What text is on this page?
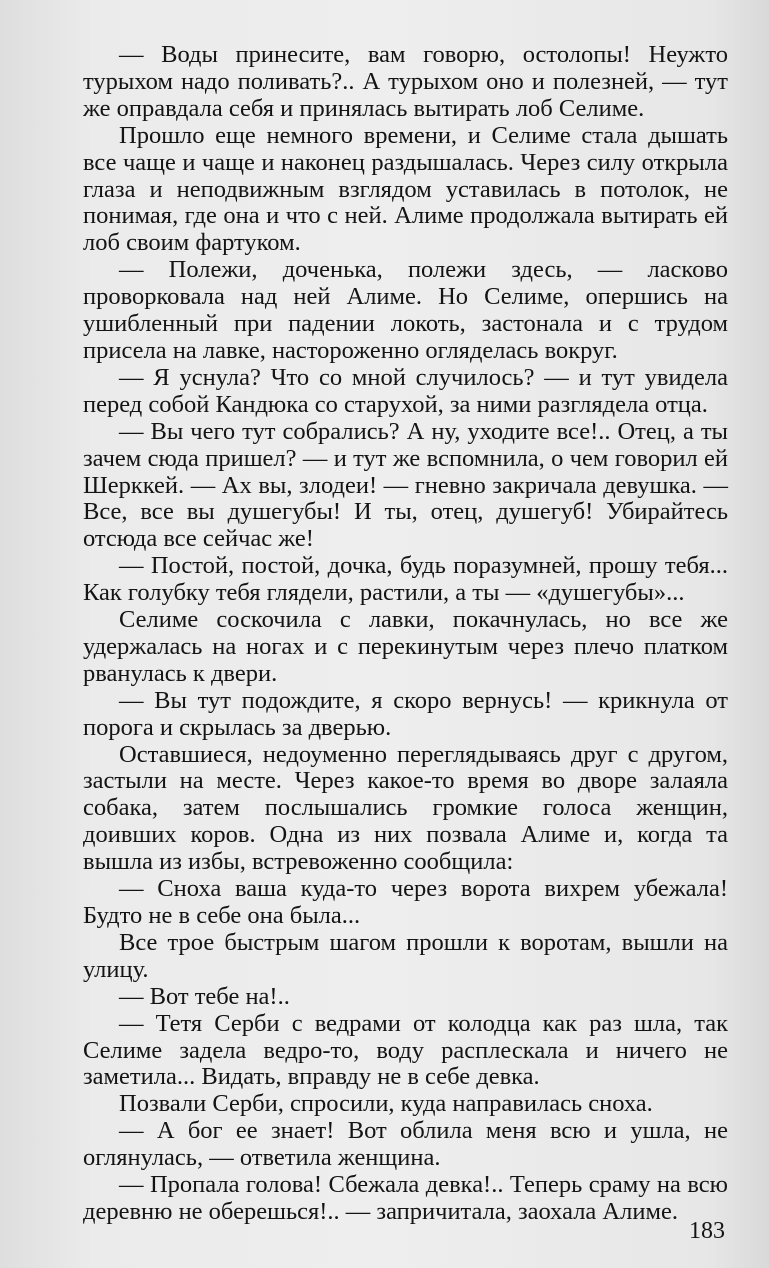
— Воды принесите, вам говорю, остолопы! Неужто турыхом надо поливать?.. А турыхом оно и полезней, — тут же оправдала себя и принялась вытирать лоб Селиме.

Прошло еще немного времени, и Селиме стала дышать все чаще и чаще и наконец раздышалась. Через силу открыла глаза и неподвижным взглядом уставилась в потолок, не понимая, где она и что с ней. Алиме продолжала вытирать ей лоб своим фартуком.

— Полежи, доченька, полежи здесь, — ласково проворковала над ней Алиме. Но Селиме, опершись на ушибленный при падении локоть, застонала и с трудом присела на лавке, настороженно огляделась вокруг.

— Я уснула? Что со мной случилось? — и тут увидела перед собой Кандюка со старухой, за ними разглядела отца.

— Вы чего тут собрались? А ну, уходите все!.. Отец, а ты зачем сюда пришел? — и тут же вспомнила, о чем говорил ей Шерккей. — Ах вы, злодеи! — гневно закричала девушка. — Все, все вы душегубы! И ты, отец, душегуб! Убирайтесь отсюда все сейчас же!

— Постой, постой, дочка, будь поразумней, прошу тебя... Как голубку тебя глядели, растили, а ты — «душегубы»...

Селиме соскочила с лавки, покачнулась, но все же удержалась на ногах и с перекинутым через плечо платком рванулась к двери.

— Вы тут подождите, я скоро вернусь! — крикнула от порога и скрылась за дверью.

Оставшиеся, недоуменно переглядываясь друг с другом, застыли на месте. Через какое-то время во дворе залаяла собака, затем послышались громкие голоса женщин, доивших коров. Одна из них позвала Алиме и, когда та вышла из избы, встревоженно сообщила:

— Сноха ваша куда-то через ворота вихрем убежала! Будто не в себе она была...

Все трое быстрым шагом прошли к воротам, вышли на улицу.

— Вот тебе на!..

— Тетя Серби с ведрами от колодца как раз шла, так Селиме задела ведро-то, воду расплескала и ничего не заметила... Видать, вправду не в себе девка.

Позвали Серби, спросили, куда направилась сноха.

— А бог ее знает! Вот облила меня всю и ушла, не оглянулась, — ответила женщина.

— Пропала голова! Сбежала девка!.. Теперь сраму на всю деревню не оберешься!.. — запричитала, заохала Алиме.

183
